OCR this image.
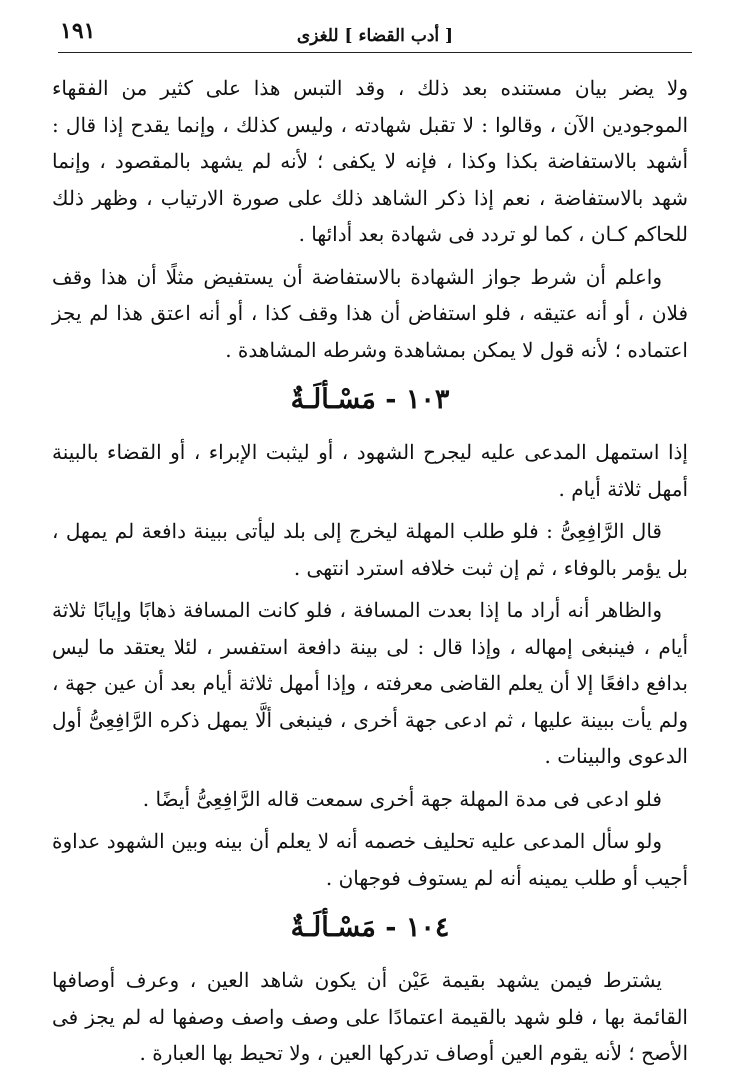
١٩١	[ أدب القضاء ] للغزى

ولا يضر بيان مستنده بعد ذلك ، وقد التبس هذا على كثير من الفقهاء الموجودين الآن ، وقالوا : لا تقبل شهادته ، وليس كذلك ، وإنما يقدح إذا قال : أشهد بالاستفاضة بكذا وكذا ، فإنه لا يكفى ؛ لأنه لم يشهد بالمقصود ، وإنما شهد بالاستفاضة ، نعم إذا ذكر الشاهد ذلك على صورة الارتياب ، وظهر ذلك للحاكم كـان ، كما لو تردد فى شهادة بعد أدائها .

واعلم أن شرط جواز الشهادة بالاستفاضة أن يستفيض مثلًا أن هذا وقف فلان ، أو أنه عتيقه ، فلو استفاض أن هذا وقف كذا ، أو أنه اعتق هذا لم يجز اعتماده ؛ لأنه قول لا يمكن بمشاهدة وشرطه المشاهدة .

١٠٣ - مَسْـألَـةٌ

إذا استمهل المدعى عليه ليجرح الشهود ، أو ليثبت الإبراء ، أو القضاء بالبينة أمهل ثلاثة أيام .

قال الرَّافِعِىُّ : فلو طلب المهلة ليخرج إلى بلد ليأتى ببينة دافعة لم يمهل ، بل يؤمر بالوفاء ، ثم إن ثبت خلافه استرد انتهى .

والظاهر أنه أراد ما إذا بعدت المسافة ، فلو كانت المسافة ذهابًا وإيابًا ثلاثة أيام ، فينبغى إمهاله ، وإذا قال : لى بينة دافعة استفسر ، لئلا يعتقد ما ليس بدافع دافعًا إلا أن يعلم القاضى معرفته ، وإذا أمهل ثلاثة أيام بعد أن عين جهة ، ولم يأت ببينة عليها ، ثم ادعى جهة أخرى ، فينبغى ألَّا يمهل ذكره الرَّافِعِىُّ أول الدعوى والبينات .

فلو ادعى فى مدة المهلة جهة أخرى سمعت قاله الرَّافِعِىُّ أيضًا .

ولو سأل المدعى عليه تحليف خصمه أنه لا يعلم أن بينه وبين الشهود عداوة أجيب أو طلب يمينه أنه لم يستوف فوجهان .

١٠٤ - مَسْـألَـةٌ

يشترط فيمن يشهد بقيمة عَيْن أن يكون شاهد العين ، وعرف أوصافها القائمة بها ، فلو شهد بالقيمة اعتمادًا على وصف واصف وصفها له لم يجز فى الأصح ؛ لأنه يقوم العين أوصاف تدركها العين ، ولا تحيط بها العبارة .
